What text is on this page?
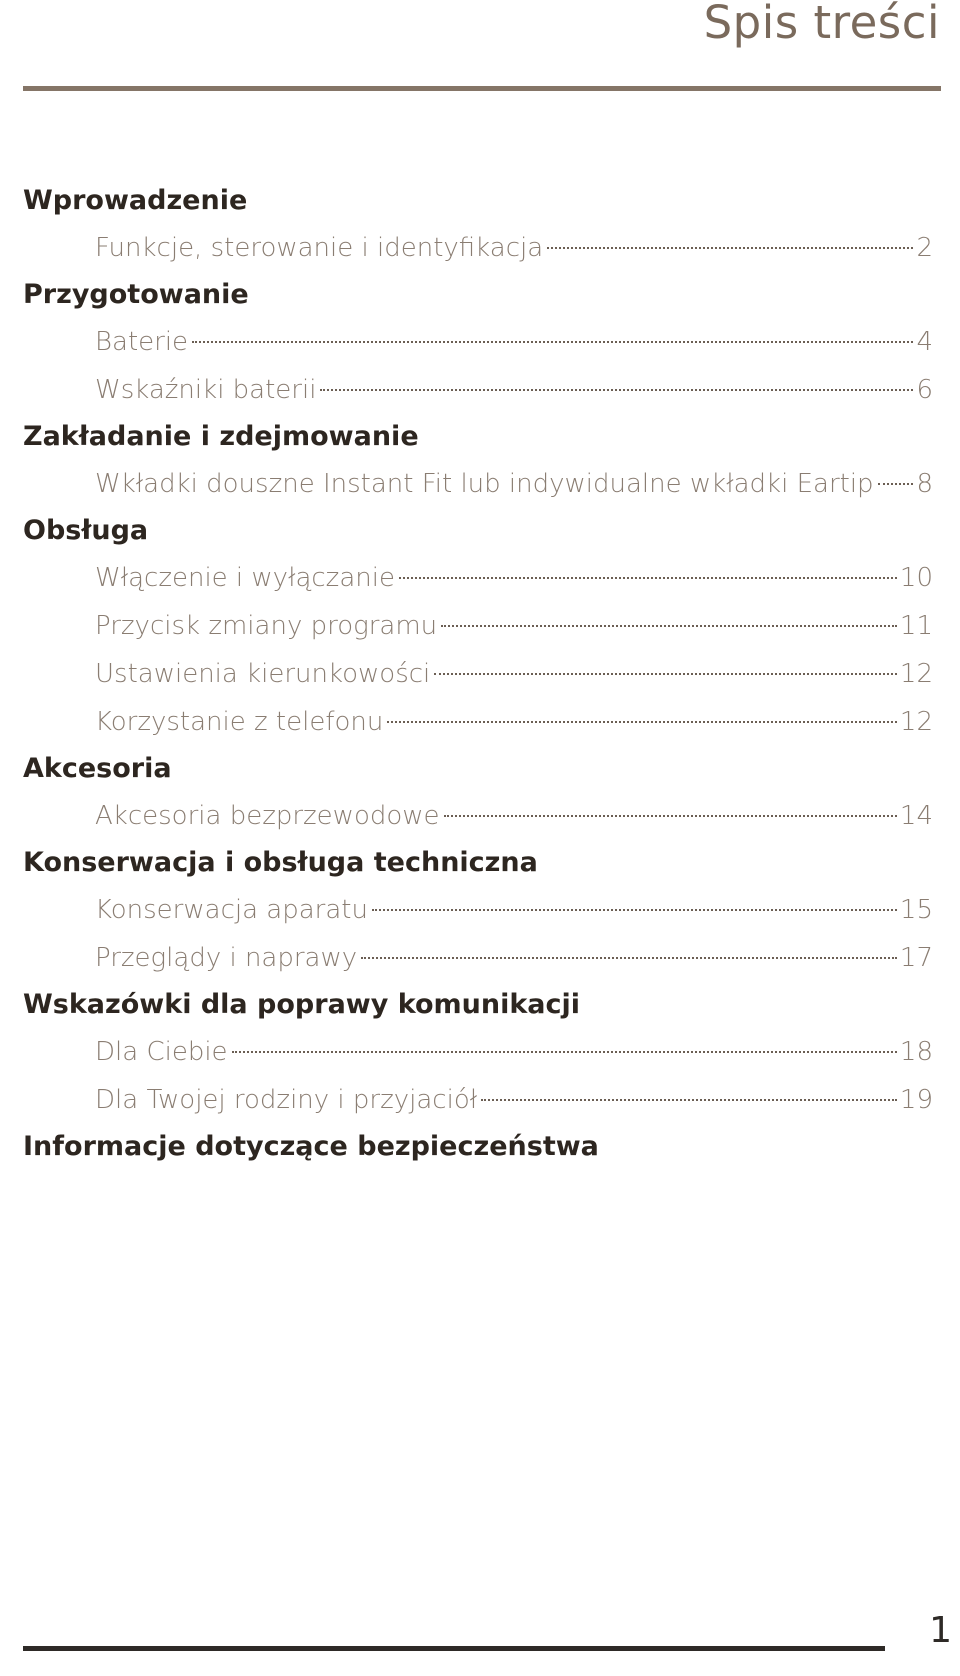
Spis treści
Wprowadzenie
Funkcje, sterowanie i identyfikacja	2
Przygotowanie
Baterie	4
Wskaźniki baterii	6
Zakładanie i zdejmowanie
Wkładki douszne Instant Fit lub indywidualne wkładki Eartip 8
Obsługa
Włączenie i wyłączanie	10
Przycisk zmiany programu	11
Ustawienia kierunkowości	12
Korzystanie z telefonu	12
Akcesoria
Akcesoria bezprzewodowe	14
Konserwacja i obsługa techniczna
Konserwacja aparatu	15
Przeglądy i naprawy	17
Wskazówki dla poprawy komunikacji
Dla Ciebie	18
Dla Twojej rodziny i przyjaciół	19
Informacje dotyczące bezpieczeństwa
1
